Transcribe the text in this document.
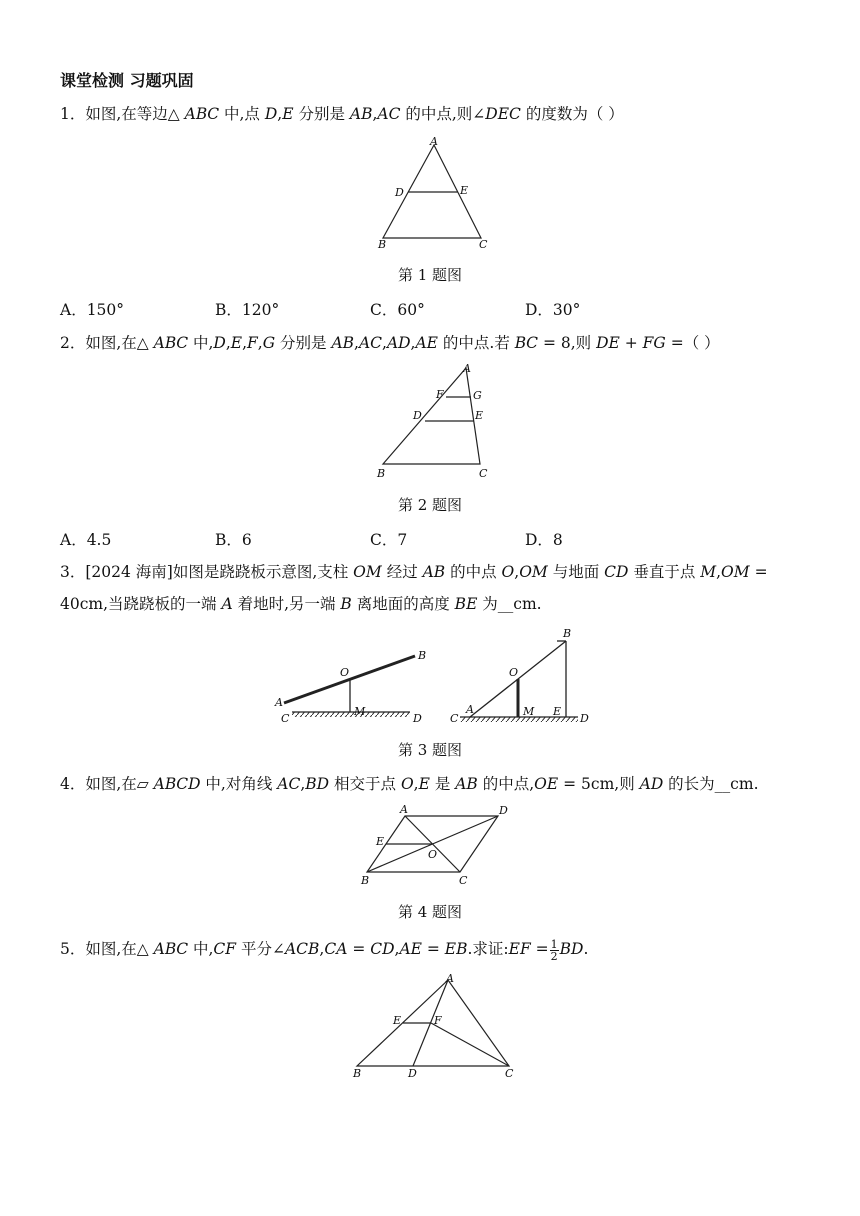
课堂检测 习题巩固
1．如图,在等边△ 𝐴𝐵𝐶 中,点 𝐷,𝐸 分别是 𝐴𝐵,𝐴𝐶 的中点,则∠𝐷𝐸𝐶 的度数为（ ）
A
B	C
D	E
第 1 题图
A．150°	B．120°	C．60°	D．30°
2．如图,在△ 𝐴𝐵𝐶 中,𝐷,𝐸,𝐹,𝐺 分别是 𝐴𝐵,𝐴𝐶,𝐴𝐷,𝐴𝐸 的中点.若 𝐵𝐶 = 8,则 𝐷𝐸 + 𝐹𝐺 =（ ）
A
B	C
D	E
F	G
第 2 题图
A．4.5	B．6	C．7	D．8
3．[2024 海南]如图是跷跷板示意图,支柱 𝑂𝑀 经过 𝐴𝐵 的中点 𝑂,𝑂𝑀 与地面 𝐶𝐷 垂直于点 𝑀,𝑂𝑀 =
40cm,当跷跷板的一端 𝐴 着地时,另一端 𝐵 离地面的高度 𝐵𝐸 为__cm.
A
B
C	D
M
O
A
B
C	D
E
M
O
第 3 题图
4．如图,在▱ 𝐴𝐵𝐶𝐷 中,对角线 𝐴𝐶,𝐵𝐷 相交于点 𝑂,𝐸 是 𝐴𝐵 的中点,𝑂𝐸 = 5cm,则 𝐴𝐷 的长为__cm.
A
B	C
D
E
O
第 4 题图
5．如图,在△ 𝐴𝐵𝐶 中,𝐶𝐹 平分∠𝐴𝐶𝐵,𝐶𝐴 = 𝐶𝐷,𝐴𝐸 = 𝐸𝐵.求证:𝐸𝐹 = $\frac{1}{2}$ 𝐵𝐷.
A
B	C
D
E	F
